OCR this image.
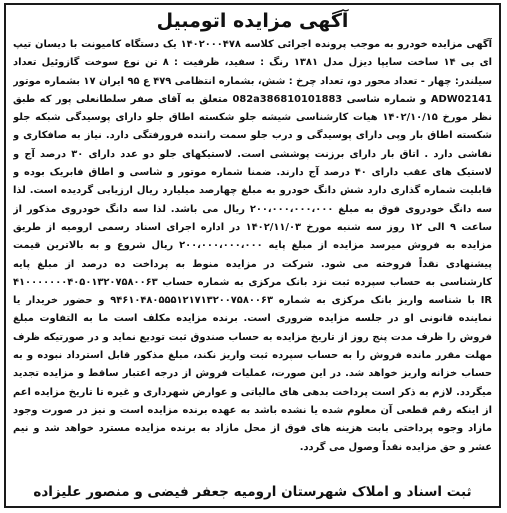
آگهی مزایده اتومبیل
آگهی مزایده خودرو به موجب پرونده اجرائی کلاسه ۱۴۰۲۰۰۰۴۷۸ یک دستگاه کامیونت با دیسان تیپ ای بی ۱۴ ساخت سایپا دیزل مدل ۱۳۸۱ رنگ : سفید، ظرفیت : ۸ تن نوع سوخت گازوئیل تعداد سیلندر: چهار - تعداد محور دو، تعداد چرخ : شش، بشماره انتظامی ۴۷۹ ع ۹۵ ایران ۱۷ بشماره موتور ADW02141 و شماره شاسی 082a386810101883 متعلق به آقای صفر سلطانعلی پور که طبق نظر مورخ ۱۴۰۲/۱۰/۱۵ هیات کارشناسی شیشه جلو شکسته اطاق جلو دارای پوسیدگی شبکه جلو شکسته اطاق بار وپی دارای پوسیدگی و درب جلو سمت راننده فرورفتگی دارد. نیاز به صافکاری و نقاشی دارد . اتاق بار دارای برزنت پوششی است. لاستیکهای جلو دو عدد دارای ۳۰ درصد آج و لاستیک های عقب دارای ۴۰ درصد آج دارند. ضمنا شماره موتور و شاسی و اطاق فابریک بوده و قابلیت شماره گذاری دارد شش دانگ خودرو به مبلغ چهارصد میلیارد ریال ارزیابی گردیده است. لذا سه دانگ خودروی فوق به مبلغ ۲۰۰،۰۰۰،۰۰۰،۰۰۰ ریال می باشد. لذا سه دانگ خودروی مذکور از ساعت ۹ الی ۱۲ روز سه شنبه مورخ ۱۴۰۲/۱۱/۰۳ در اداره اجرای اسناد رسمی ارومیه از طریق مزایده به فروش میرسد مزایده از مبلغ پایه ۲۰۰،۰۰۰،۰۰۰،۰۰۰ ریال شروع و به بالاترین قیمت پیشنهادی نقداً فروخته می شود. شرکت در مزایده منوط به پرداخت ده درصد از مبلغ پایه کارشناسی به حساب سپرده ثبت نزد بانک مرکزی به شماره حساب ۴۱۰۰۰۰۰۰۰۴۰۵۰۱۳۲۰۷۵۸۰۰۶۳ IR با شناسه واریز بانک مرکزی به شماره ۹۴۶۱۰۴۸۰۵۵۵۱۲۱۷۱۳۲۰۰۷۵۸۰۰۶۳ و حضور خریدار یا نماینده قانونی او در جلسه مزایده ضروری است. برنده مزایده مکلف است ما به التفاوت مبلغ فروش را ظرف مدت پنج روز از تاریخ مزایده به حساب صندوق ثبت تودیع نماید و در صورتیکه ظرف مهلت مقرر مانده فروش را به حساب سپرده ثبت واریز نکند، مبلغ مذکور قابل استرداد نبوده و به حساب خزانه واریز خواهد شد. در این صورت، عملیات فروش از درجه اعتبار ساقط و مزایده تجدید میگردد. لازم به ذکر است پرداخت بدهی های مالیاتی و عوارض شهرداری و غیره تا تاریخ مزایده اعم از اینکه رقم قطعی آن معلوم شده یا نشده باشد به عهده برنده مزایده است و نیز در صورت وجود مازاد وجوه پرداختی بابت هزینه های فوق از محل مازاد به برنده مزایده مسترد خواهد شد و نیم عشر و حق مزایده نقداً وصول می گردد.
ثبت اسناد و املاک شهرستان ارومیه جعفر فیضی و منصور علیزاده
